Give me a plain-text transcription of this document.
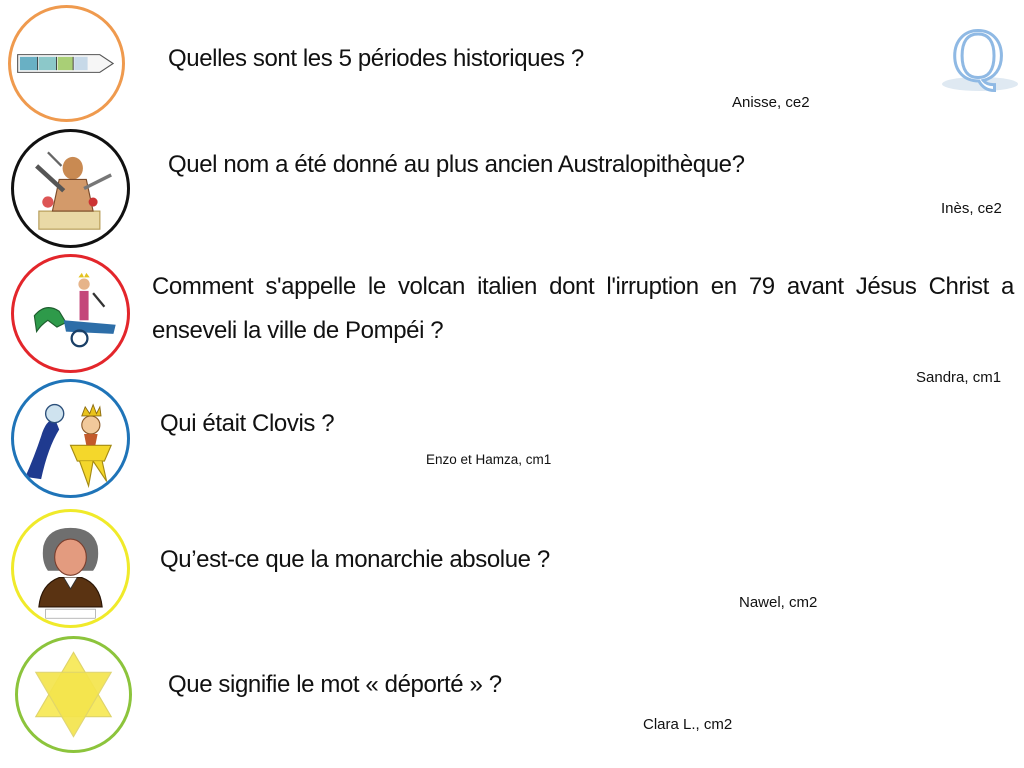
Q
Quelles sont les 5 périodes historiques ?
Anisse, ce2
Quel nom a été donné au plus ancien Australopithèque?
Inès, ce2
Comment s'appelle le volcan italien dont l'irruption en 79 avant Jésus Christ a enseveli la ville de Pompéi ?
Sandra, cm1
Qui était Clovis ?
Enzo et Hamza, cm1
Qu’est-ce que la monarchie absolue ?
Nawel, cm2
Que signifie le mot « déporté » ?
Clara L., cm2
